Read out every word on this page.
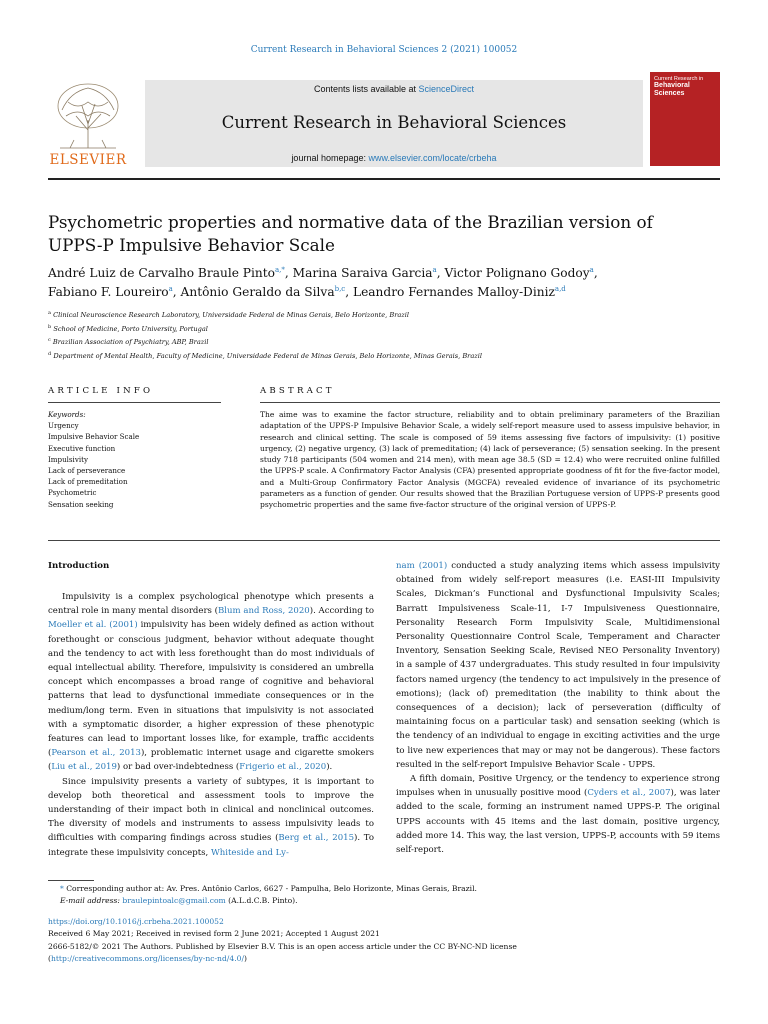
Current Research in Behavioral Sciences 2 (2021) 100052
ELSEVIER
Contents lists available at ScienceDirect
Current Research in Behavioral Sciences
journal homepage: www.elsevier.com/locate/crbeha
Current Research in
Behavioral
Sciences
Psychometric properties and normative data of the Brazilian version of UPPS-P Impulsive Behavior Scale
André Luiz de Carvalho Braule Pinto$^{a,*}$, Marina Saraiva Garcia$^a$, Victor Polignano Godoy$^a$,
Fabiano F. Loureiro$^a$, Antônio Geraldo da Silva$^{b,c}$, Leandro Fernandes Malloy-Diniz$^{a,d}$
$^a$ Clinical Neuroscience Research Laboratory, Universidade Federal de Minas Gerais, Belo Horizonte, Brazil
$^b$ School of Medicine, Porto University, Portugal
$^c$ Brazilian Association of Psychiatry, ABP, Brazil
$^d$ Department of Mental Health, Faculty of Medicine, Universidade Federal de Minas Gerais, Belo Horizonte, Minas Gerais, Brazil
ARTICLE INFO	ABSTRACT
Keywords:
Urgency
Impulsive Behavior Scale
Executive function
Impulsivity
Lack of perseverance
Lack of premeditation
Psychometric
Sensation seeking
The aime was to examine the factor structure, reliability and to obtain preliminary parameters of the Brazilian adaptation of the UPPS-P Impulsive Behavior Scale, a widely self-report measure used to assess impulsive behavior, in research and clinical setting. The scale is composed of 59 items assessing five factors of impulsivity: (1) positive urgency, (2) negative urgency, (3) lack of premeditation; (4) lack of perseverance; (5) sensation seeking. In the present study 718 participants (504 women and 214 men), with mean age 38.5 (SD = 12.4) who were recruited online fulfilled the UPPS-P scale. A Confirmatory Factor Analysis (CFA) presented appropriate goodness of fit for the five-factor model, and a Multi-Group Confirmatory Factor Analysis (MGCFA) revealed evidence of invariance of its psychometric parameters as a function of gender. Our results showed that the Brazilian Portuguese version of UPPS-P presents good psychometric properties and the same five-factor structure of the original version of UPPS-P.
Introduction

Impulsivity is a complex psychological phenotype which presents a central role in many mental disorders (Blum and Ross, 2020). According to Moeller et al. (2001) impulsivity has been widely defined as action without forethought or conscious judgment, behavior without adequate thought and the tendency to act with less forethought than do most individuals of equal intellectual ability. Therefore, impulsivity is considered an umbrella concept which encompasses a broad range of cognitive and behavioral patterns that lead to dysfunctional immediate consequences or in the medium/long term. Even in situations that impulsivity is not associated with a symptomatic disorder, a higher expression of these phenotypic features can lead to important losses like, for example, traffic accidents (Pearson et al., 2013), problematic internet usage and cigarette smokers (Liu et al., 2019) or bad over-indebtedness (Frigerio et al., 2020).

Since impulsivity presents a variety of subtypes, it is important to develop both theoretical and assessment tools to improve the understanding of their impact both in clinical and nonclinical outcomes. The diversity of models and instruments to assess impulsivity leads to difficulties with comparing findings across studies (Berg et al., 2015). To integrate these impulsivity concepts, Whiteside and Ly-

nam (2001) conducted a study analyzing items which assess impulsivity obtained from widely self-report measures (i.e. EASI-III Impulsivity Scales, Dickman’s Functional and Dysfunctional Impulsivity Scales; Barratt Impulsiveness Scale-11, I-7 Impulsiveness Questionnaire, Personality Research Form Impulsivity Scale, Multidimensional Personality Questionnaire Control Scale, Temperament and Character Inventory, Sensation Seeking Scale, Revised NEO Personality Inventory) in a sample of 437 undergraduates. This study resulted in four impulsivity factors named urgency (the tendency to act impulsively in the presence of emotions); (lack of) premeditation (the inability to think about the consequences of a decision); lack of perseveration (difficulty of maintaining focus on a particular task) and sensation seeking (which is the tendency of an individual to engage in exciting activities and the urge to live new experiences that may or may not be dangerous). These factors resulted in the self-report Impulsive Behavior Scale - UPPS.

A fifth domain, Positive Urgency, or the tendency to experience strong impulses when in unusually positive mood (Cyders et al., 2007), was later added to the scale, forming an instrument named UPPS-P. The original UPPS accounts with 45 items and the last domain, positive urgency, added more 14. This way, the last version, UPPS-P, accounts with 59 items self-report.

* Corresponding author at: Av. Pres. Antônio Carlos, 6627 - Pampulha, Belo Horizonte, Minas Gerais, Brazil.
E-mail address: braulepintoalc@gmail.com (A.L.d.C.B. Pinto).
https://doi.org/10.1016/j.crbeha.2021.100052
Received 6 May 2021; Received in revised form 2 June 2021; Accepted 1 August 2021
2666-5182/© 2021 The Authors. Published by Elsevier B.V. This is an open access article under the CC BY-NC-ND license
(http://creativecommons.org/licenses/by-nc-nd/4.0/)
